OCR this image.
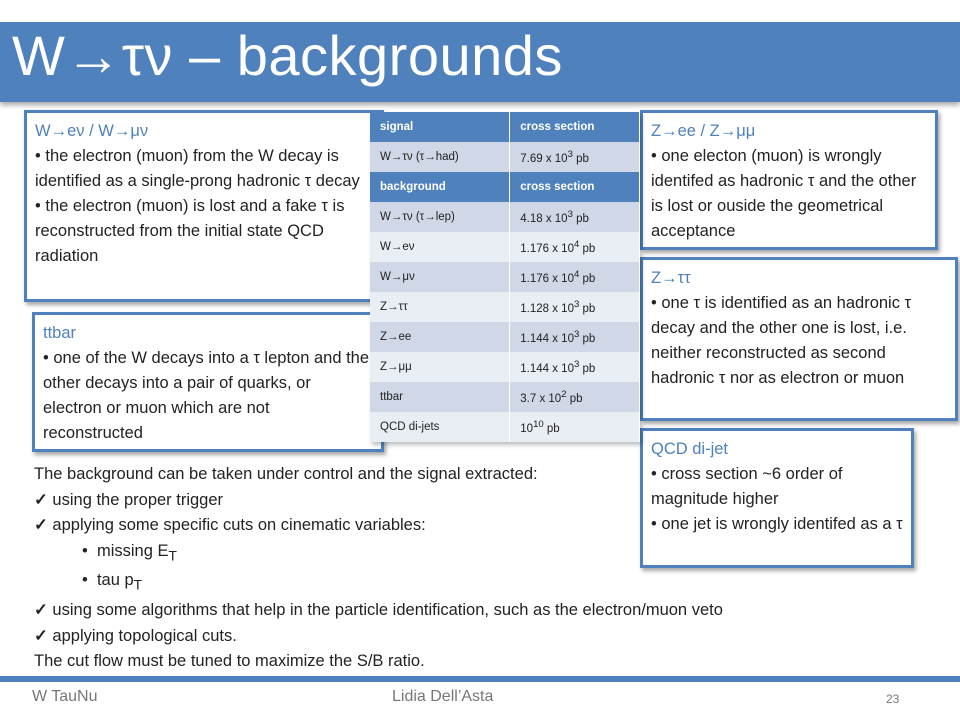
W→τν – backgrounds

W→eν / W→μν

• the electron (muon) from the W decay is identified as a single-prong hadronic τ decay

• the electron (muon) is lost and a fake τ is reconstructed from the initial state QCD radiation

ttbar

• one of the W decays into a τ lepton and the other decays into a pair of quarks, or electron or muon which are not reconstructed

Z→ee / Z→μμ

• one electon (muon) is wrongly identifed as hadronic τ and the other is lost or ouside the geometrical acceptance

Z→ττ

• one τ is identified as an hadronic τ decay and the other one is lost, i.e. neither reconstructed as second hadronic τ nor as electron or muon

QCD di-jet

• cross section ~6 order of magnitude higher

• one jet is wrongly identifed as a τ

signal	cross section
W→τν (τ→had)	7.69 x $10^3$ pb
background	cross section
W→τν (τ→lep)	4.18 x $10^3$ pb
W→eν	1.176 x $10^4$ pb
W→μν	1.176 x $10^4$ pb
Z→ττ	1.128 x $10^3$ pb
Z→ee	1.144 x $10^3$ pb
Z→μμ	1.144 x $10^3$ pb
ttbar	3.7 x $10^2$ pb
QCD di-jets	$10^{10}$ pb

The background can be taken under control and the signal extracted:

✓ using the proper trigger

✓ applying some specific cuts on cinematic variables:

•  missing $E_T$

•  tau $p_T$

✓ using some algorithms that help in the particle identification, such as the electron/muon veto

✓ applying topological cuts.

The cut flow must be tuned to maximize the S/B ratio.

W TauNu	Lidia Dell’Asta	23
